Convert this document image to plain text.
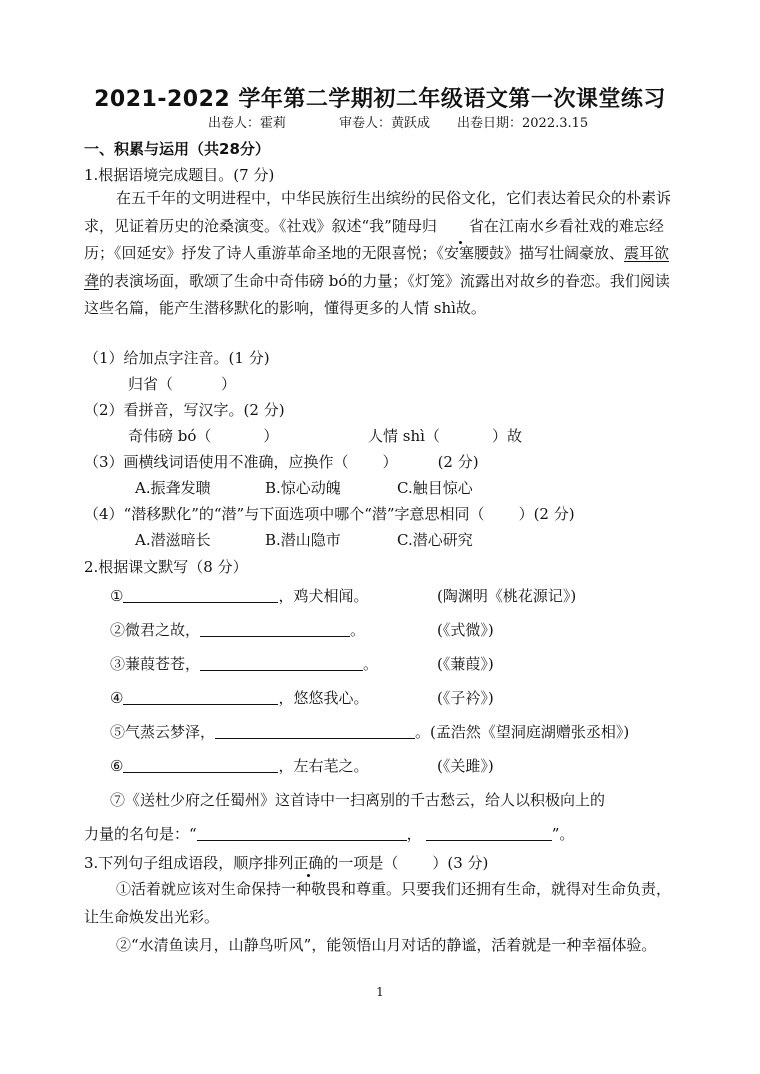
2021-2022 学年第二学期初二年级语文第一次课堂练习
出卷人：霍莉	审卷人：黄跃成 出卷日期：2022.3.15
一、积累与运用（共28分）
1.根据语境完成题目。(7 分)
在五千年的文明进程中，中华民族衍生出缤纷的民俗文化，它们表达着民众的朴素诉求，见证着历史的沧桑演变。《社戏》叙述“我”随母归 省在江南水乡看社戏的难忘经历；《回延安》抒发了诗人重游革命圣地的无限喜悦；《安塞腰鼓》描写壮阔豪放、震耳欲聋的表演场面，歌颂了生命中奇伟磅 bó的力量；《灯笼》流露出对故乡的眷恋。我们阅读这些名篇，能产生潜移默化的影响，懂得更多的人情 shì故。
（1）给加点字注音。(1 分)
归省（	）
（2）看拼音，写汉字。(2 分)
奇伟磅 bó（	）	人情 shì（	）故
（3）画横线词语使用不准确，应换作（ ）	(2 分)
A.振聋发聩	B.惊心动魄	C.触目惊心
（4）“潜移默化”的“潜”与下面选项中哪个“潜”字意思相同（ ）(2 分)
A.潜滋暗长	B.潜山隐市	C.潜心研究
2.根据课文默写（8 分）
①	，鸡犬相闻。	(陶渊明《桃花源记》)
②微君之故，	。	(《式微》)
③蒹葭苍苍，	。	(《蒹葭》)
④	，悠悠我心。	(《子衿》)
⑤气蒸云梦泽，	。(孟浩然《望洞庭湖赠张丞相》)
⑥	，左右芼之。	(《关雎》)
⑦《送杜少府之任蜀州》这首诗中一扫离别的千古愁云，给人以积极向上的
力量的名句是：“	，	”。
3.下列句子组成语段，顺序排列正确的一项是（ ）(3 分)
①活着就应该对生命保持一种敬畏和尊重。只要我们还拥有生命，就得对生命负责，让生命焕发出光彩。
②“水清鱼读月，山静鸟听风”，能领悟山月对话的静谧，活着就是一种幸福体验。
1
